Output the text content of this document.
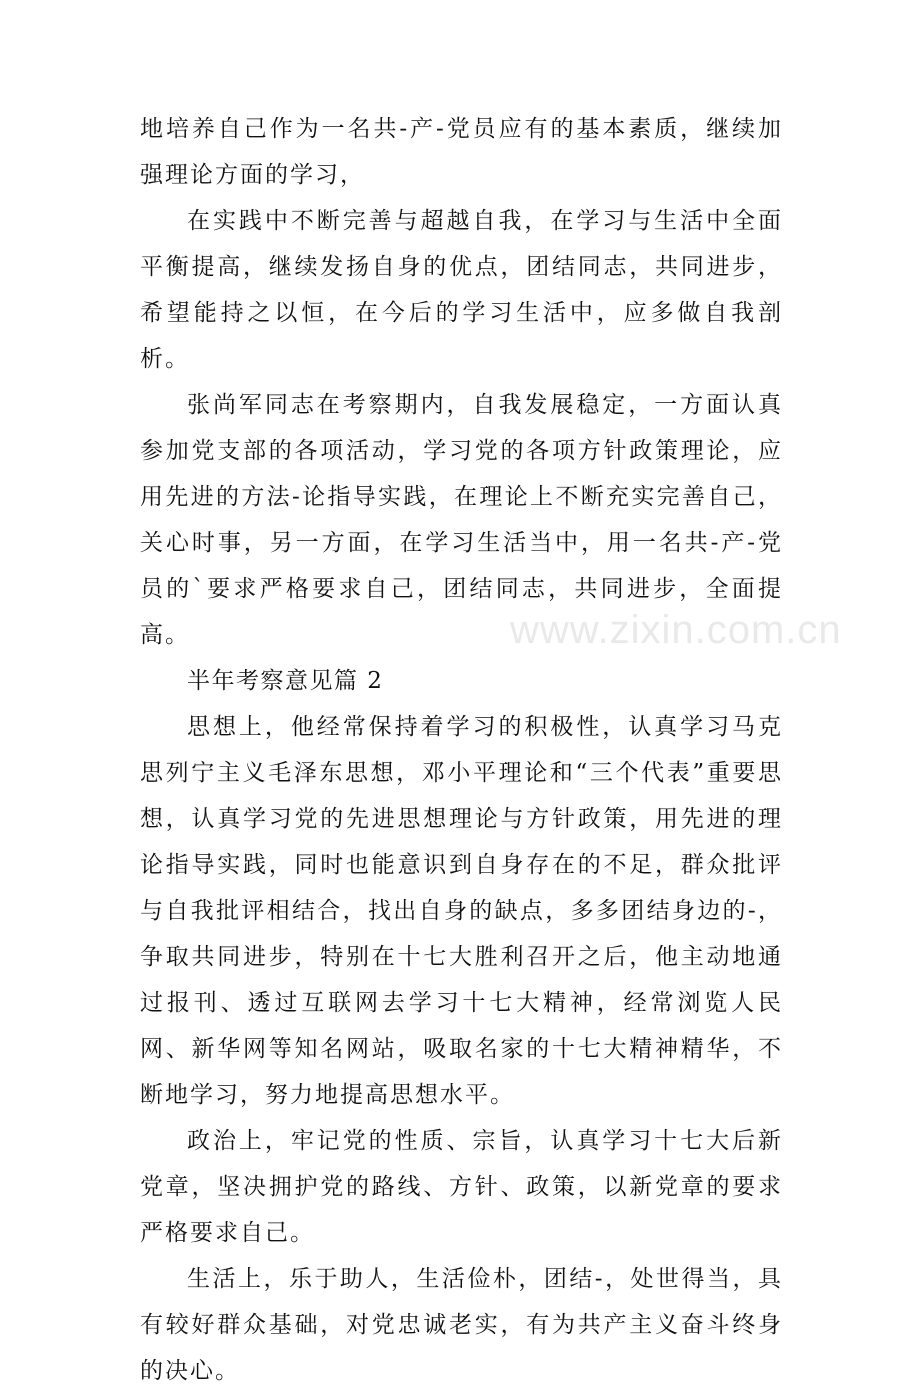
地培养自己作为一名共-产-党员应有的基本素质，继续加强理论方面的学习，

在实践中不断完善与超越自我，在学习与生活中全面平衡提高，继续发扬自身的优点，团结同志，共同进步，希望能持之以恒，在今后的学习生活中，应多做自我剖析。

张尚军同志在考察期内，自我发展稳定，一方面认真参加党支部的各项活动，学习党的各项方针政策理论，应用先进的方法-论指导实践，在理论上不断充实完善自己，关心时事，另一方面，在学习生活当中，用一名共-产-党员的`要求严格要求自己，团结同志，共同进步，全面提高。

半年考察意见篇 2

思想上，他经常保持着学习的积极性，认真学习马克思列宁主义毛泽东思想，邓小平理论和“三个代表”重要思想，认真学习党的先进思想理论与方针政策，用先进的理论指导实践，同时也能意识到自身存在的不足，群众批评与自我批评相结合，找出自身的缺点，多多团结身边的-，争取共同进步，特别在十七大胜利召开之后，他主动地通过报刊、透过互联网去学习十七大精神，经常浏览人民网、新华网等知名网站，吸取名家的十七大精神精华，不断地学习，努力地提高思想水平。

政治上，牢记党的性质、宗旨，认真学习十七大后新党章，坚决拥护党的路线、方针、政策，以新党章的要求严格要求自己。

生活上，乐于助人，生活俭朴，团结-，处世得当，具有较好群众基础，对党忠诚老实，有为共产主义奋斗终身的决心。

www.zixin.com.cn
